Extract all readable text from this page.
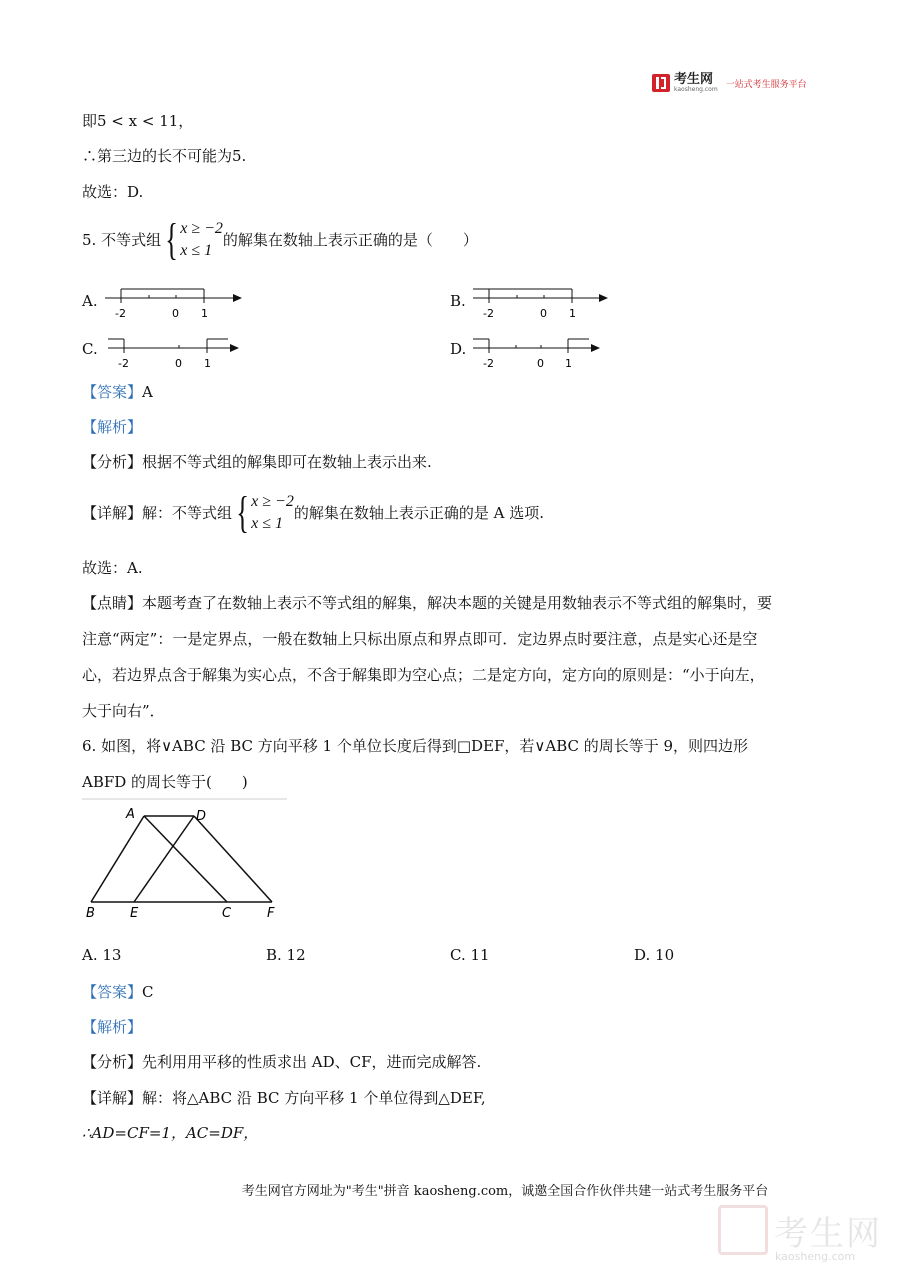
考生网
kaosheng.com 一站式考生服务平台
即5 < x < 11，
∴第三边的长不可能为5.
故选：D.
5. 不等式组 { x ≥ −2
x ≤ 1
的解集在数轴上表示正确的是（　　）
A.
-2	0 1
B.
-2	0 1
C.
-2	0 1
D.
-2	0 1
【答案】A
【解析】
【分析】根据不等式组的解集即可在数轴上表示出来.
【详解】 解：不等式组 { x ≥ −2
x ≤ 1
的解集在数轴上表示正确的是 A 选项.
故选：A.
【点睛】本题考查了在数轴上表示不等式组的解集，解决本题的关键是用数轴表示不等式组的解集时，要
注意“两定”：一是定界点，一般在数轴上只标出原点和界点即可．定边界点时要注意，点是实心还是空
心，若边界点含于解集为实心点，不含于解集即为空心点；二是定方向，定方向的原则是：“小于向左，
大于向右”．
6. 如图，将∨ABC 沿 BC 方向平移 1 个单位长度后得到□DEF，若∨ABC 的周长等于 9，则四边形
ABFD 的周长等于(　　)
A	D
B	E	C	F
A. 13	B. 12	C. 11	D. 10
【答案】C
【解析】
【分析】先利用用平移的性质求出 AD、CF，进而完成解答.
【详解】解：将△ABC 沿 BC 方向平移 1 个单位得到△DEF,
∴AD=CF=1，AC=DF，
考生网官方网址为"考生"拼音 kaosheng.com，诚邀全国合作伙伴共建一站式考生服务平台
考生网
kaosheng.com
